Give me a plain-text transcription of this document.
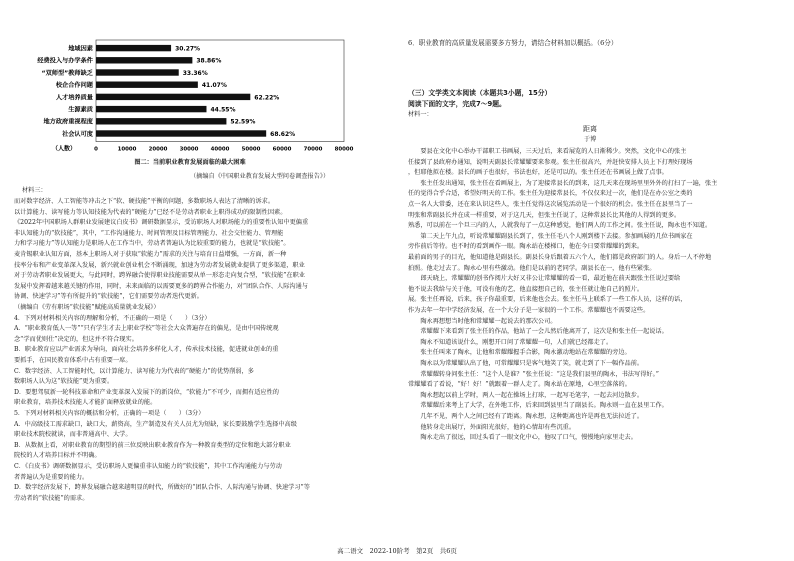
地域因素	30.27%
经费投入与办学条件	38.86%
“双师型”教师缺乏	33.36%
校企合作问题	41.07%
人才培养质量	62.22%
生源素质	44.55%
地方政府重视程度	52.59%
社会认可度	68.62%
0	10000 20000 30000 40000 50000 60000 70000 80000
（人数）

图二：当前职业教育发展面临的最大困难

（摘编自《中国职业教育发展大型问卷调查报告》）

材料三：

而对数字经济、人工智能等冲击之下“软、硬技能”平衡的问题，多数职场人表达了清晰的诉求。

以计算能力、读写能力等认知技能为代表的“硬能力”已经不是劳动者职业上职得成功的限制性因素。

《2022年中国职场人群职业发展建议白皮书》调研数据显示，受访职场人对职场能力的重要性认知中更偏重

非认知能力的“软技能”，其中，“工作沟通能力、时间管理及目标管理能力、社会交往能力、管理能

力和学习能力”等认知能力是职场人在工作当中，劳动者普遍认为比较重要的能力，也就是“软技能”。

麦肯锡职业认知方面，基本上职场人对于获取“软能力”需求的关注与培育日益增强，一方面，新一种

技率分布和产业变革深入发展，新兴就业创业机会不断涌现，加速为劳动者发展就业提供了更多渠道，职业

对于劳动者职业发展更大，与此同时，跨界融合使得职业技能需要从单一形态走向复合型，“软技能”在职业

发展中发挥着越来越关键的作用，同时，未来面临的以需要更多的跨界合作能力，对“团队合作、人际沟通与

协调、快速学习”等有所提升的“软技能”，它们需要劳动者迭代更新。

（摘编自《劳有职场“软技能”赋能高质量就业发展》）

4．下列对材料相关内容的理解和分析，不正确的一项是（　　）（3分）

A．“职业教育低人一等”“只有学生才去上职业学校”等社会大众普遍存在的偏见，是由中国传统观

念“学而优则仕”决定的，但这并不符合现实。

B．职业教育应以产业需求为导向，面向社会培养多样化人才，传承技术技能，促进就业创业的重

要抓手，在国民教育体系中占有重要一席。

C．数字经济、人工智能时代，以计算能力、读写能力为代表的“硬能力”的优势削弱，多

数职场人认为这“软技能”更为重要。

D．要想驾驭新一轮科技革命和产业变革深入发展下的新岗位，“软能力”不可少，而拥有适应性的

职业教育，培养技术技能人才能扩面释放就业的能。

5．下列对材料相关内容的概括和分析，正确的一项是（　　）（3分）

A．中高级技工需求缺口，缺口大，薪资高，生产制造及有关人员尤为短缺，家长要鼓励学生选择中高级

职业技术院校就读，而非普通高中、大学。

B．从数据上看，对职业教育的期望的前三位反映出职业教育作为一种教育类型的定位和绝大部分职业

院校的人才培养目标并不明确。

C．《白皮书》调研数据显示，受访职场人更偏重非认知能力的“软技能”，其中工作沟通能力与劳动

者普遍认为是重要的能力。

D．数字经济发展下，跨界发展融合越来越明显的时代，所做好的“团队合作、人际沟通与协调、快速学习”等

劳动者的“软技能”的需求。

6．职业教育的高质量发展需要多方努力，请结合材料加以概括。（6分）

（三）文学类文本阅读（本题共3小题，15分）

阅读下面的文字，完成7～9题。

材料一：

距离

于博

　　要县在文化中心举办干部职工书画展，三天过后，来看展览的人日渐稀少。突然，文化中心的张主

任接到了县政府办通知，说明天副县长常耀耀要来参观。张主任很高兴，并赶快安排人员上下打理好现场

，但耶他拟在楼。县长的画子也很好，书法也好，还是可以的。张主任还在书画展上做了点事。

　　张主任发出通知，张主任在看画展上，为了迎接常县长的到来，这几天来在现场里里外外的打扫了一遍，张主

任的觉得合乎合适，希望好明天的工作。张主任为迎接常县长，不仅仅来过一次，他们是在办公室之类的

点一名人大常委，还在来认识这些人，张主任觉得这次展览活动是一个很好的机会。张主任在县里当了一

明张和常副县长并在成一样重要，对于这几天，但张主任说了，这种常县长比其他的人得到的更多。

熟悉，可以前在一个旦三内的人，人就我每了一点这种感觉，他们两人的工作之间。张主任说，陶永也不知道。

　　第二天上午九点，听说常耀耀副县长到了，张主任毛八个人刚到楼下去接。参加画展的几位书画家在

旁作前后等待。也不时的看到画作一眼。陶永站在楼梯口，他在今日要常耀耀的到来。

最前面的男子的目光，他知道他是副县长。副县长身后跟着五六个人，他们都是政府部门的人。身后一人不停地

拍照。他走过去了。陶永心里有些激动。他们是以前的老同学。副县长在一，他有些紧张。

　　郎天晓上，常耀耀的创书作阅片大好又非公让常耀耀的看一看，最近他在前天跟张主任说过要给

他不说去我给与关于他，可没有他的艺，他直接想自己的，张主任就让他自己的照片。

展。张主任再说，后来，孩子你最重要，后来他也会去。张主任马上联系了一些工作人员，这样的话，

作为去年一年中学经济发展，在一个大分子是一家很的一个工作。常耀耀也不需要这些。

　　陶永再想想当时他和常耀耀一起说去的那次公司。

　　常耀耀下来看到了张主任的作品，他站了一会儿然后他离开了，这次是和张主任一起说话。

　　陶永不知道该说什么，刚想开口问了常耀耀一句，人们就已经都走了。

　　张主任叫来了陶永，让他和常耀耀握手合影，陶永激动地站在常耀耀的旁边。

　　陶永以为常耀耀认出了他，可常耀耀只是客气地笑了笑，就走到了下一幅作品前。

　　常耀耀转身问张主任：“这个人是谁？”张主任说：“这是我们县里的陶永，书法写得好。”

常耀耀看了看说，“好！好！”就跟着一群人走了。陶永站在原地，心里空落落的。

　　陶永想起以前上学时，两人一起在操场上打球，一起写毛笔字，一起去河边散步。

　　常耀耀后来考上了大学，在外地工作，后来回到县里当了副县长。陶永则一直在县里工作。

　　几年不见，两个人之间已经有了距离。陶永想，这种距离也许是再也无法拉近了。

　　他转身走出展厅，外面阳光很好，他的心情却有些沉重。

　　陶永走出了很远，回过头看了一眼文化中心，他叹了口气，慢慢地向家里走去。

高二语文　2022-10阶考　第2页　共6页
